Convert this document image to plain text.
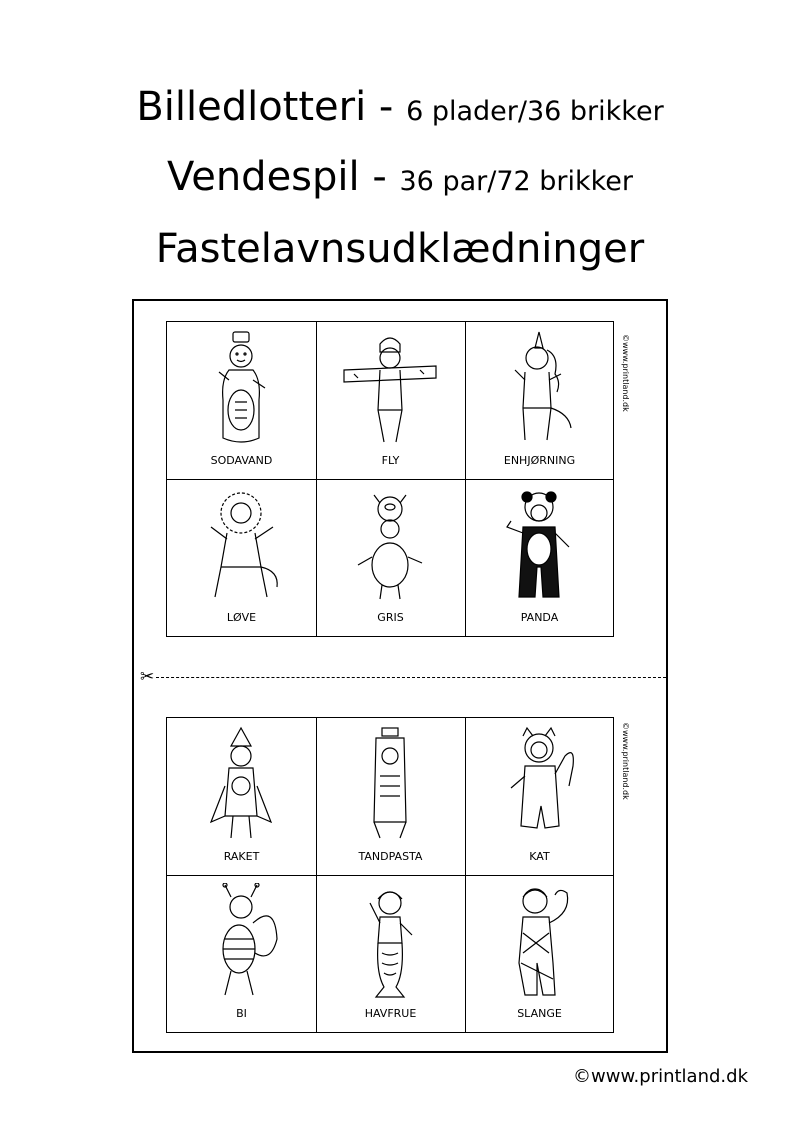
Billedlotteri - 6 plader/36 brikker
Vendespil - 36 par/72 brikker
Fastelavnsudklædninger
SODAVAND	FLY	ENHJØRNING
LØVE	GRIS	PANDA
©www.printland.dk
✂
RAKET	TANDPASTA	KAT
BI	HAVFRUE	SLANGE
©www.printland.dk
©www.printland.dk
